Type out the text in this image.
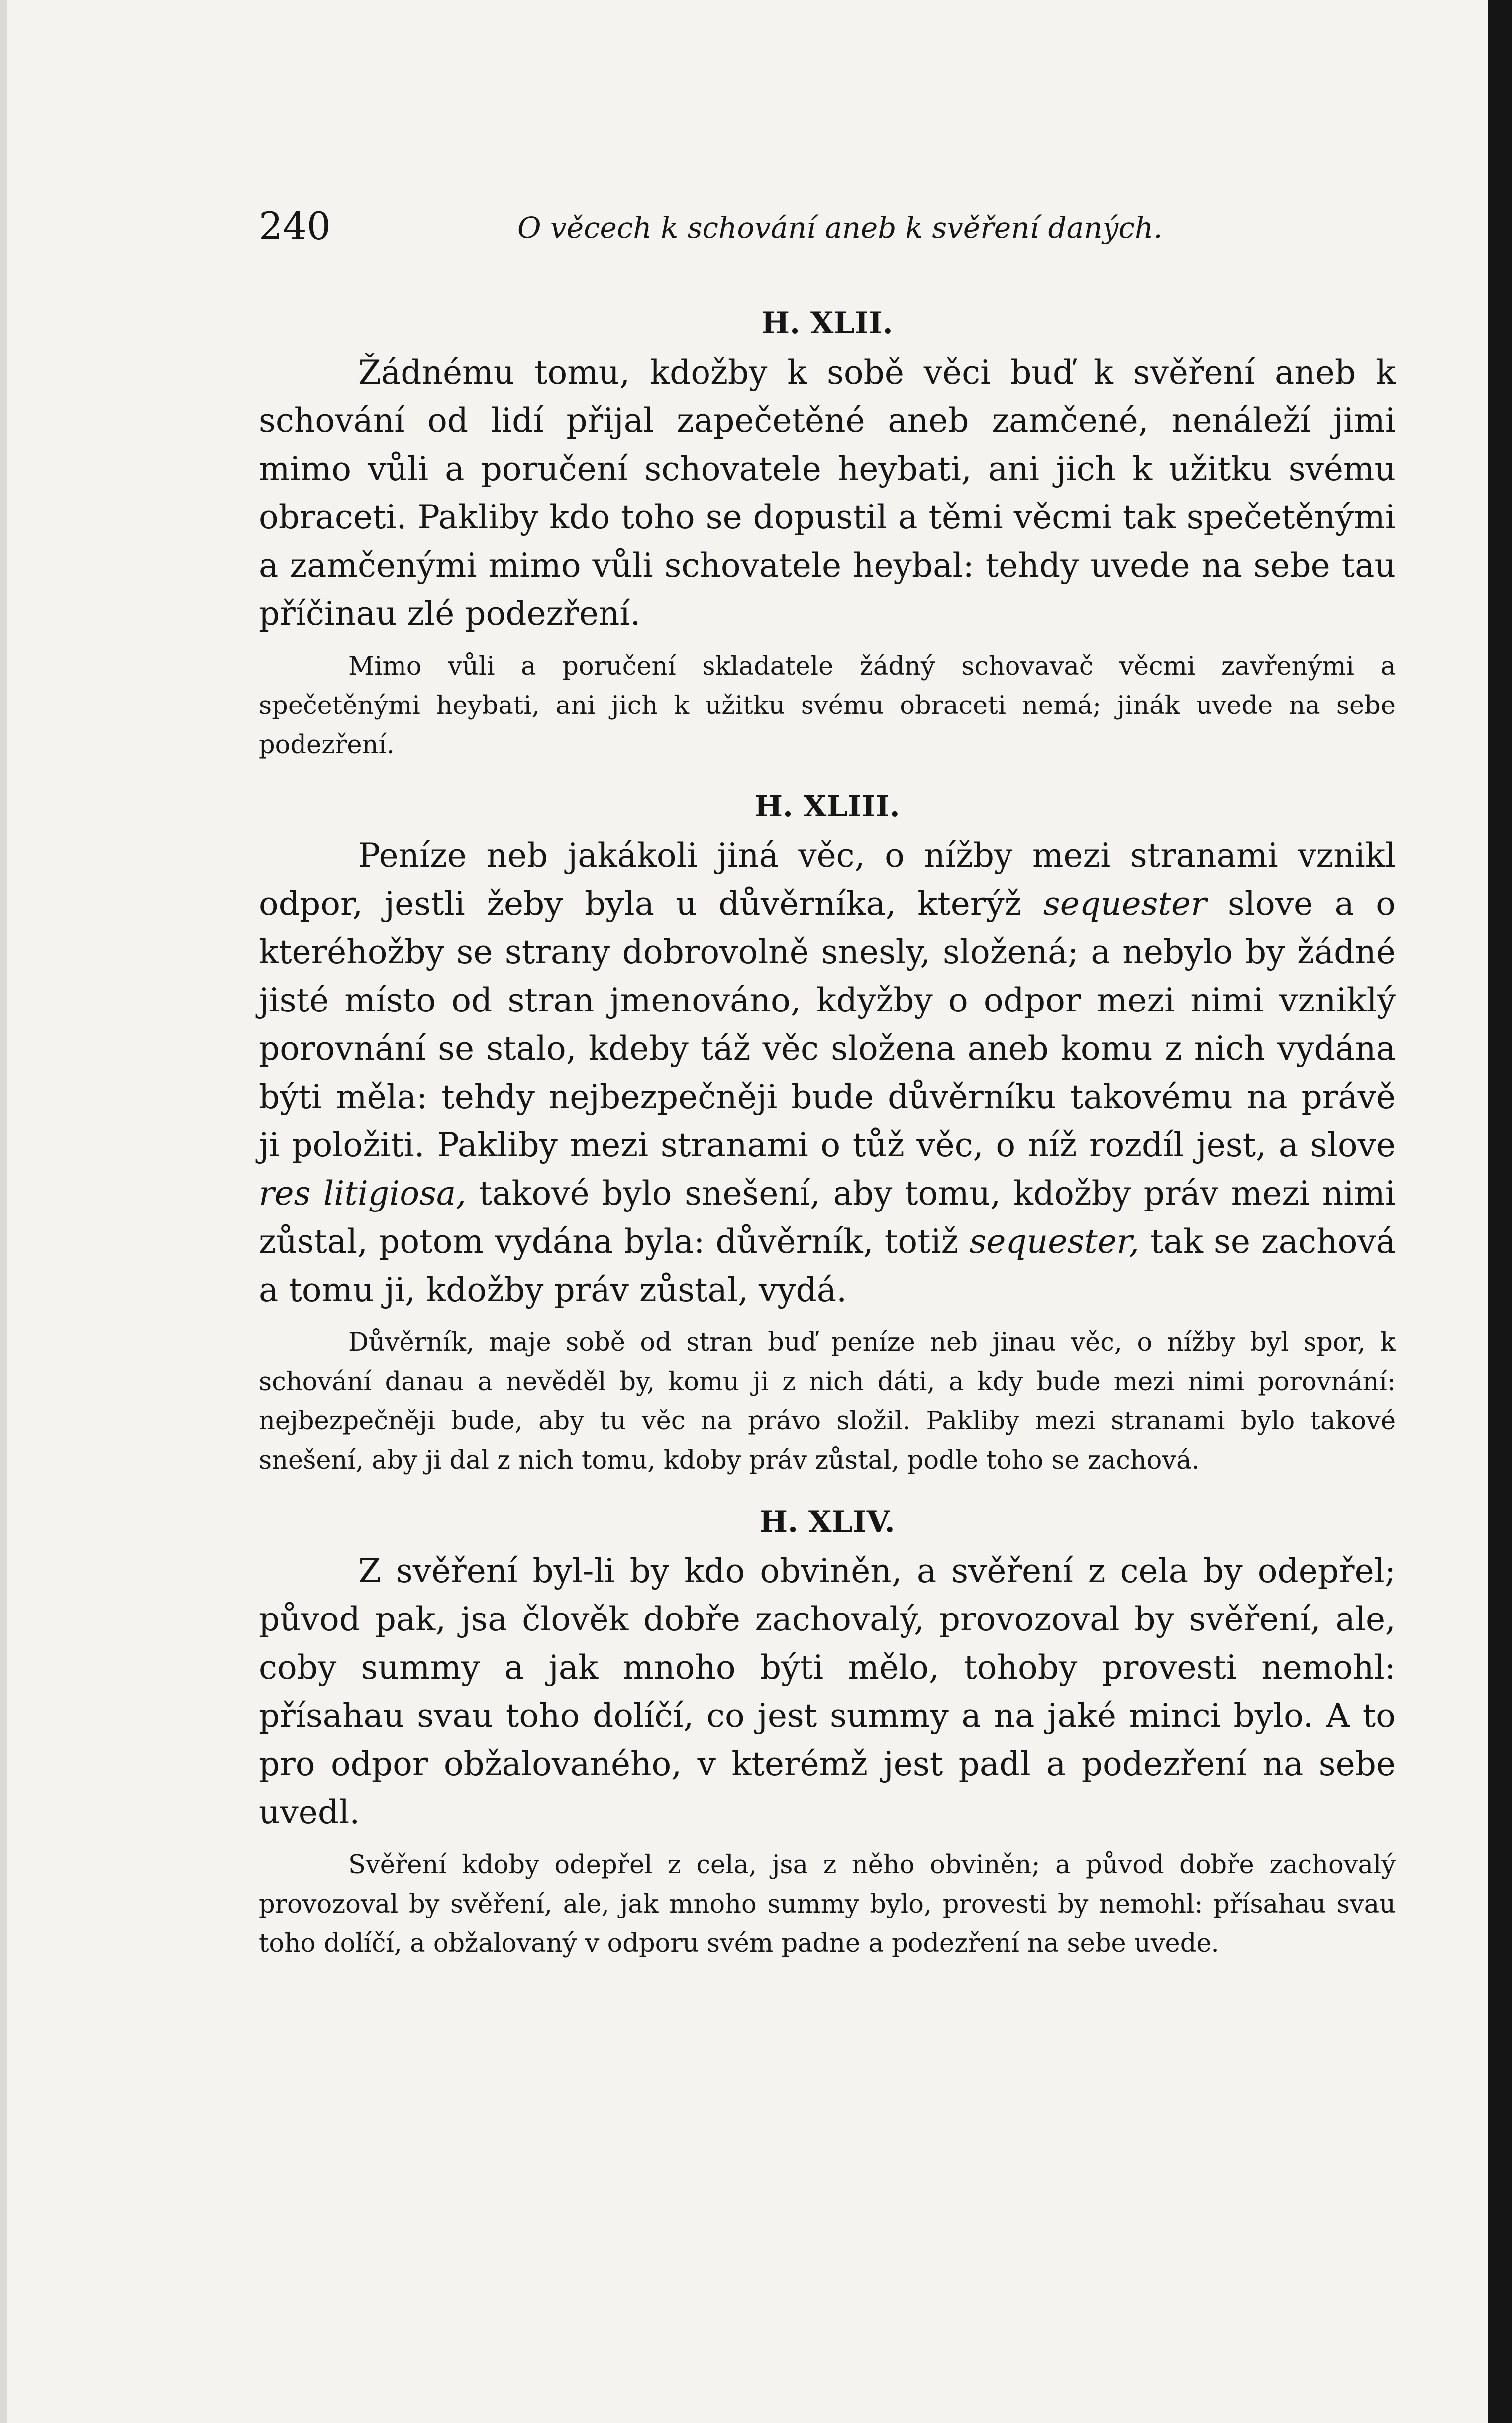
240	O věcech k schování aneb k svěření daných.

H. XLII.

Žádnému tomu, kdožby k sobě věci buď k svěření aneb k schování od lidí přijal zapečetěné aneb zamčené, nenáleží jimi mimo vůli a poručení schovatele heybati, ani jich k užitku svému obraceti. Pakliby kdo toho se dopustil a těmi věcmi tak spečetěnými a zamčenými mimo vůli schovatele heybal: tehdy uvede na sebe tau příčinau zlé podezření.

Mimo vůli a poručení skladatele žádný schovavač věcmi zavřenými a spečetěnými heybati, ani jich k užitku svému obraceti nemá; jinák uvede na sebe podezření.

H. XLIII.

Peníze neb jakákoli jiná věc, o nížby mezi stranami vznikl odpor, jestli žeby byla u důvěrníka, kterýž sequester slove a o kteréhožby se strany dobrovolně snesly, složená; a nebylo by žádné jisté místo od stran jmenováno, kdyžby o odpor mezi nimi vzniklý porovnání se stalo, kdeby táž věc složena aneb komu z nich vydána býti měla: tehdy nejbezpečněji bude důvěrníku takovému na právě ji položiti. Pakliby mezi stranami o tůž věc, o níž rozdíl jest, a slove res litigiosa, takové bylo snešení, aby tomu, kdožby práv mezi nimi zůstal, potom vydána byla: důvěrník, totiž sequester, tak se zachová a tomu ji, kdožby práv zůstal, vydá.

Důvěrník, maje sobě od stran buď peníze neb jinau věc, o nížby byl spor, k schování danau a nevěděl by, komu ji z nich dáti, a kdy bude mezi nimi porovnání: nejbezpečněji bude, aby tu věc na právo složil. Pakliby mezi stranami bylo takové snešení, aby ji dal z nich tomu, kdoby práv zůstal, podle toho se zachová.

H. XLIV.

Z svěření byl-li by kdo obviněn, a svěření z cela by odepřel; původ pak, jsa člověk dobře zachovalý, provozoval by svěření, ale, coby summy a jak mnoho býti mělo, tohoby provesti nemohl: přísahau svau toho dolíčí, co jest summy a na jaké minci bylo. A to pro odpor obžalovaného, v kterémž jest padl a podezření na sebe uvedl.

Svěření kdoby odepřel z cela, jsa z něho obviněn; a původ dobře zachovalý provozoval by svěření, ale, jak mnoho summy bylo, provesti by nemohl: přísahau svau toho dolíčí, a obžalovaný v odporu svém padne a podezření na sebe uvede.
